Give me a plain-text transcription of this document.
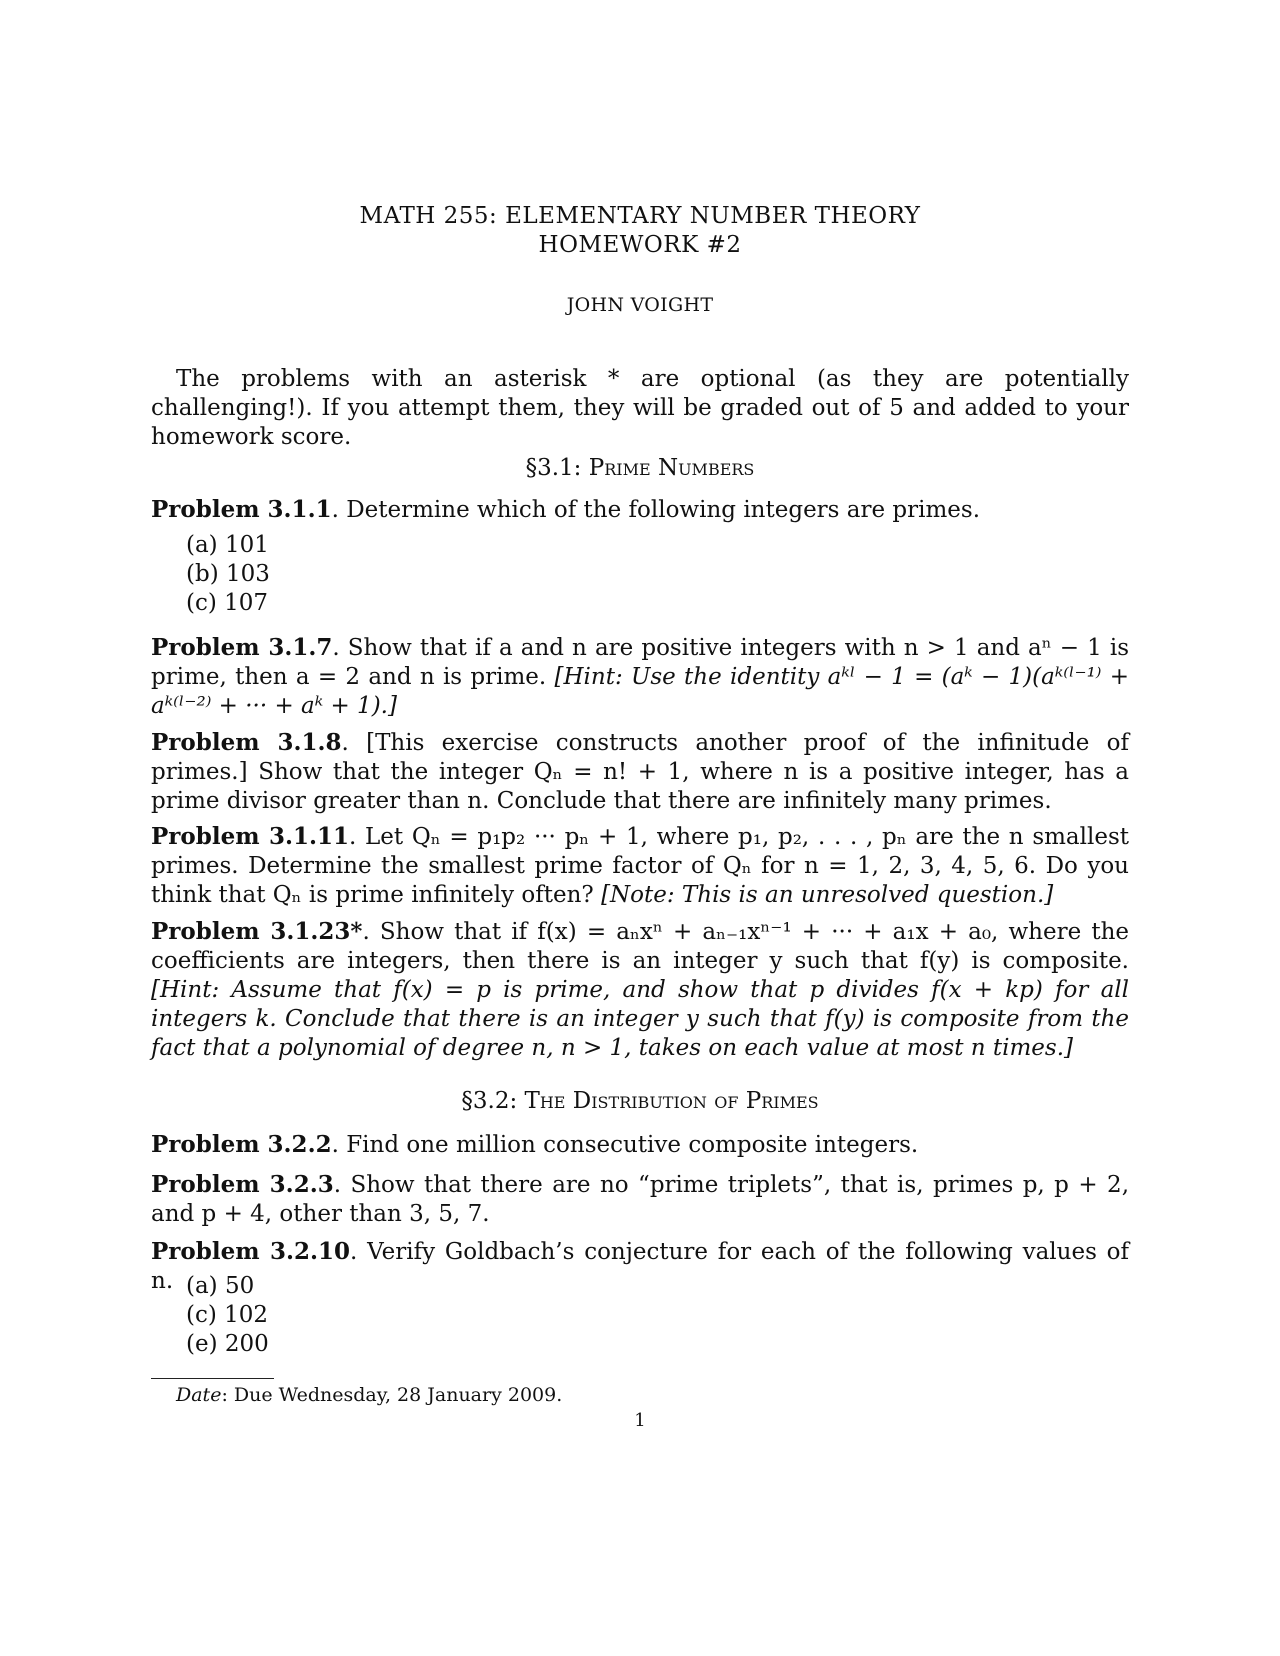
MATH 255: ELEMENTARY NUMBER THEORY
HOMEWORK #2
JOHN VOIGHT
The problems with an asterisk * are optional (as they are potentially challenging!). If you attempt them, they will be graded out of 5 and added to your homework score.
§3.1: Prime Numbers
Problem 3.1.1. Determine which of the following integers are primes.
(a) 101
(b) 103
(c) 107
Problem 3.1.7. Show that if a and n are positive integers with n > 1 and aⁿ − 1 is prime, then a = 2 and n is prime. [Hint: Use the identity aᵏˡ − 1 = (aᵏ − 1)(aᵏ⁽ˡ⁻¹⁾ + aᵏ⁽ˡ⁻²⁾ + ··· + aᵏ + 1).]
Problem 3.1.8. [This exercise constructs another proof of the infinitude of primes.] Show that the integer Qₙ = n! + 1, where n is a positive integer, has a prime divisor greater than n. Conclude that there are infinitely many primes.
Problem 3.1.11. Let Qₙ = p₁p₂ ··· pₙ + 1, where p₁, p₂, . . . , pₙ are the n smallest primes. Determine the smallest prime factor of Qₙ for n = 1, 2, 3, 4, 5, 6. Do you think that Qₙ is prime infinitely often? [Note: This is an unresolved question.]
Problem 3.1.23*. Show that if f(x) = aₙxⁿ + aₙ₋₁xⁿ⁻¹ + ··· + a₁x + a₀, where the coefficients are integers, then there is an integer y such that f(y) is composite. [Hint: Assume that f(x) = p is prime, and show that p divides f(x + kp) for all integers k. Conclude that there is an integer y such that f(y) is composite from the fact that a polynomial of degree n, n > 1, takes on each value at most n times.]
§3.2: The Distribution of Primes
Problem 3.2.2. Find one million consecutive composite integers.
Problem 3.2.3. Show that there are no “prime triplets”, that is, primes p, p + 2, and p + 4, other than 3, 5, 7.
Problem 3.2.10. Verify Goldbach’s conjecture for each of the following values of n. (a) 50
(c) 102
(e) 200
Date: Due Wednesday, 28 January 2009.
1
